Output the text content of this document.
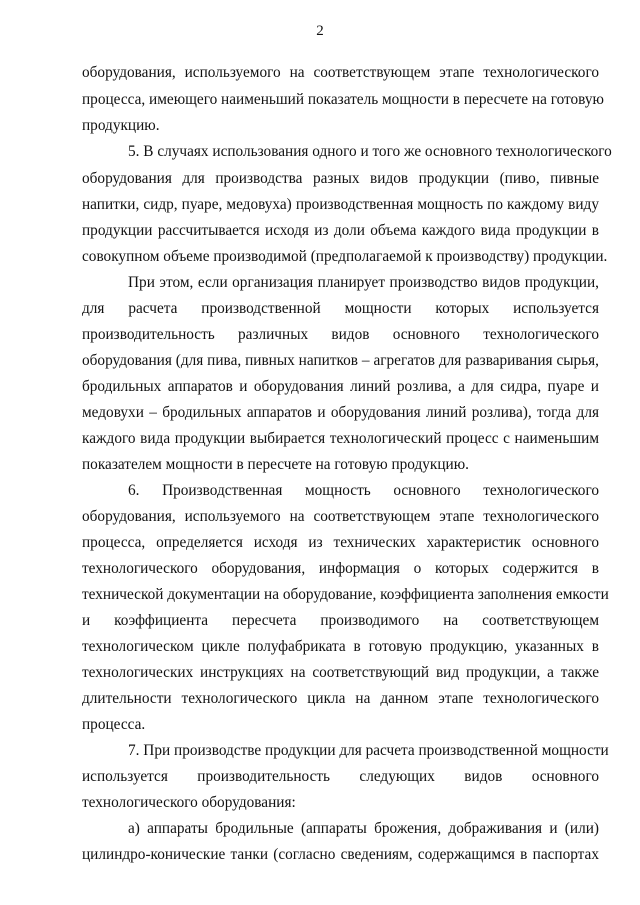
2
оборудования, используемого на соответствующем этапе технологического
процесса, имеющего наименьший показатель мощности в пересчете на готовую
продукцию.
5. В случаях использования одного и того же основного технологического
оборудования для производства разных видов продукции (пиво, пивные
напитки, сидр, пуаре, медовуха) производственная мощность по каждому виду
продукции рассчитывается исходя из доли объема каждого вида продукции в
совокупном объеме производимой (предполагаемой к производству) продукции.
При этом, если организация планирует производство видов продукции,
для расчета производственной мощности которых используется
производительность различных видов основного технологического
оборудования (для пива, пивных напитков – агрегатов для разваривания сырья,
бродильных аппаратов и оборудования линий розлива, а для сидра, пуаре и
медовухи – бродильных аппаратов и оборудования линий розлива), тогда для
каждого вида продукции выбирается технологический процесс с наименьшим
показателем мощности в пересчете на готовую продукцию.
6. Производственная мощность основного технологического
оборудования, используемого на соответствующем этапе технологического
процесса, определяется исходя из технических характеристик основного
технологического оборудования, информация о которых содержится в
технической документации на оборудование, коэффициента заполнения емкости
и коэффициента пересчета производимого на соответствующем
технологическом цикле полуфабриката в готовую продукцию, указанных в
технологических инструкциях на соответствующий вид продукции, а также
длительности технологического цикла на данном этапе технологического
процесса.
7. При производстве продукции для расчета производственной мощности
используется производительность следующих видов основного
технологического оборудования:
а) аппараты бродильные (аппараты брожения, дображивания и (или)
цилиндро-конические танки (согласно сведениям, содержащимся в паспортах
